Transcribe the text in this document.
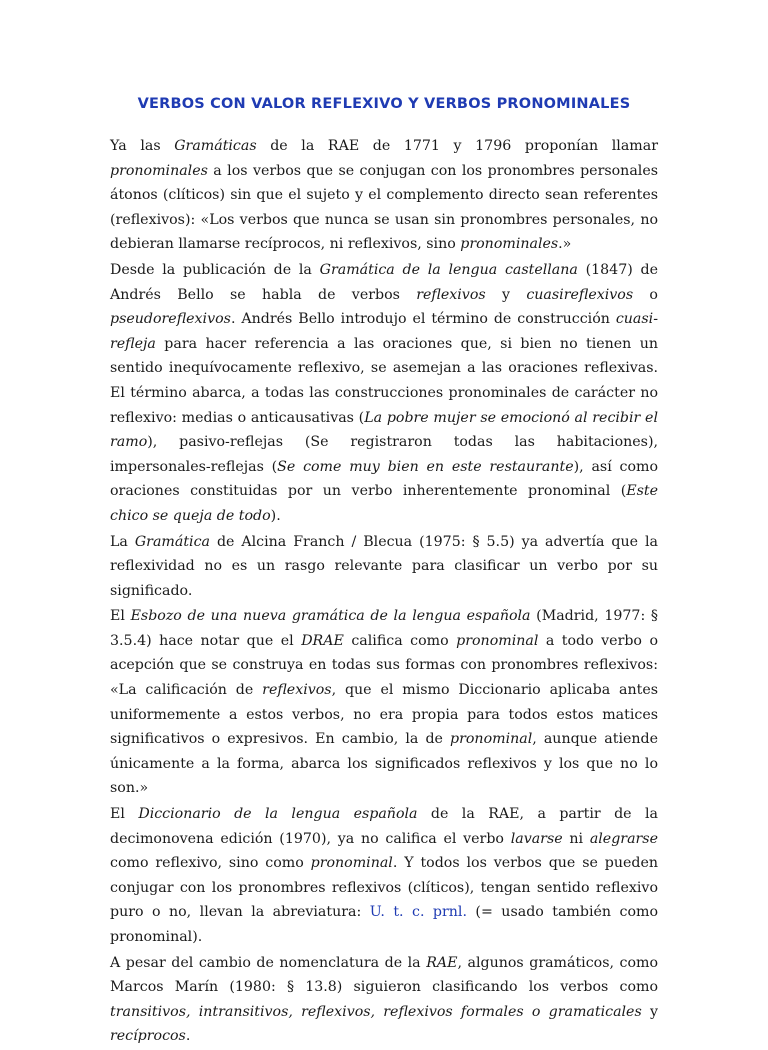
VERBOS CON VALOR REFLEXIVO Y VERBOS PRONOMINALES

Ya las Gramáticas de la RAE de 1771 y 1796 proponían llamar pronominales a los verbos que se conjugan con los pronombres personales átonos (clíticos) sin que el sujeto y el complemento directo sean referentes (reflexivos): «Los verbos que nunca se usan sin pronombres personales, no debieran llamarse recíprocos, ni reflexivos, sino pronominales.»

Desde la publicación de la Gramática de la lengua castellana (1847) de Andrés Bello se habla de verbos reflexivos y cuasireflexivos o pseudoreflexivos. Andrés Bello introdujo el término de construcción cuasi-refleja para hacer referencia a las oraciones que, si bien no tienen un sentido inequívocamente reflexivo, se asemejan a las oraciones reflexivas. El término abarca, a todas las construcciones pronominales de carácter no reflexivo: medias o anticausativas (La pobre mujer se emocionó al recibir el ramo), pasivo-reflejas (Se registraron todas las habitaciones), impersonales-reflejas (Se come muy bien en este restaurante), así como oraciones constituidas por un verbo inherentemente pronominal (Este chico se queja de todo).

La Gramática de Alcina Franch / Blecua (1975: § 5.5) ya advertía que la reflexividad no es un rasgo relevante para clasificar un verbo por su significado.

El Esbozo de una nueva gramática de la lengua española (Madrid, 1977: § 3.5.4) hace notar que el DRAE califica como pronominal a todo verbo o acepción que se construya en todas sus formas con pronombres reflexivos: «La calificación de reflexivos, que el mismo Diccionario aplicaba antes uniformemente a estos verbos, no era propia para todos estos matices significativos o expresivos. En cambio, la de pronominal, aunque atiende únicamente a la forma, abarca los significados reflexivos y los que no lo son.»

El Diccionario de la lengua española de la RAE, a partir de la decimonovena edición (1970), ya no califica el verbo lavarse ni alegrarse como reflexivo, sino como pronominal. Y todos los verbos que se pueden conjugar con los pronombres reflexivos (clíticos), tengan sentido reflexivo puro o no, llevan la abreviatura: U. t. c. prnl. (= usado también como pronominal).

A pesar del cambio de nomenclatura de la RAE, algunos gramáticos, como Marcos Marín (1980: § 13.8) siguieron clasificando los verbos como transitivos, intransitivos, reflexivos, reflexivos formales o gramaticales y recíprocos.
